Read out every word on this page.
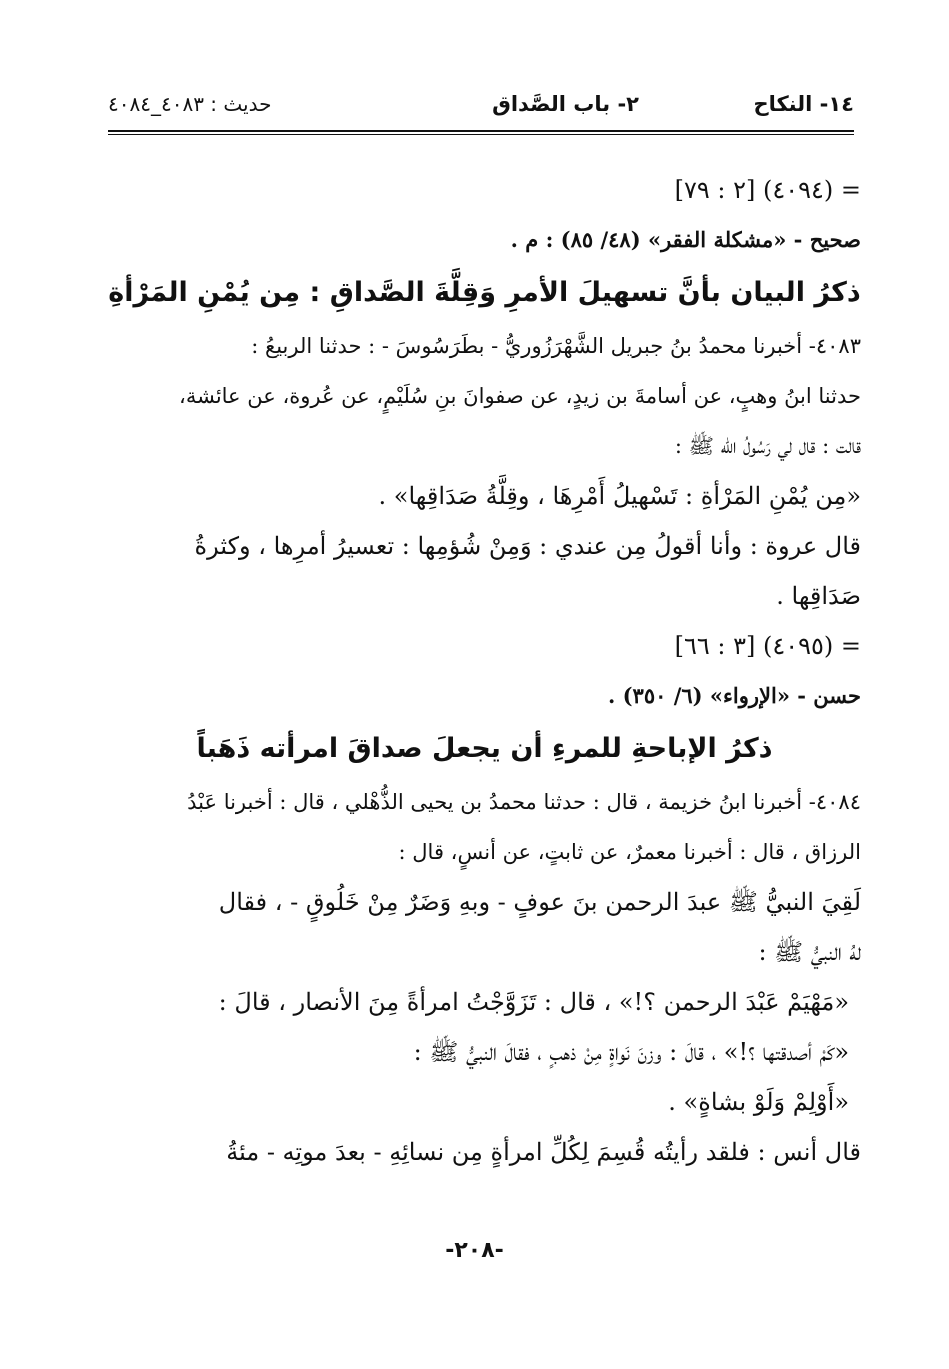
١٤- النكاح
٢- باب الصَّداق
حديث : ٤٠٨٣_٤٠٨٤
= (٤٠٩٤) [٢ : ٧٩]
صحيح - «مشكلة الفقر» (٤٨/ ٨٥) : م .
ذكرُ البيان بأنَّ تسهيلَ الأمرِ وَقِلَّةَ الصَّداقِ : مِن يُمْنِ المَرْأةِ
٤٠٨٣- أخبرنا محمدُ بنُ جبريل الشَّهْرَزُوريُّ - بطَرَسُوسَ - : حدثنا الربيعُ :
حدثنا ابنُ وهبٍ، عن أسامةَ بن زيدٍ، عن صفوانَ بنِ سُلَيْمٍ، عن عُروة، عن عائشة،
قالت : قال لي رَسُولُ اللّه ﷺ :
«مِن يُمْنِ المَرْأةِ : تَسْهيلُ أَمْرِهَا ، وقِلَّةُ صَدَاقِها» .
قال عروة : وأنا أقولُ مِن عندي : وَمِنْ شُؤمِها : تعسيرُ أمرِها ، وكثرةُ
صَدَاقِها .
= (٤٠٩٥) [٣ : ٦٦]
حسن - «الإرواء» (٦/ ٣٥٠) .
ذكرُ الإباحةِ للمرءِ أن يجعلَ صداقَ امرأته ذَهَباً
٤٠٨٤- أخبرنا ابنُ خزيمة ، قال : حدثنا محمدُ بن يحيى الذُّهْلي ، قال : أخبرنا عَبْدُ
الرزاق ، قال : أخبرنا معمرٌ، عن ثابتٍ، عن أنسٍ، قال :
لَقِيَ النبيُّ ﷺ عبدَ الرحمن بنَ عوفٍ - وبهِ وَضَرٌ مِنْ خَلُوقٍ - ، فقال
لهُ النبيُّ ﷺ :
«مَهْيَمْ عَبْدَ الرحمن ؟!» ، قال : تَزَوَّجْتُ امرأةً مِنَ الأنصار ، قالَ :
«كَمْ أصدقتها ؟!» ، قالَ : وزنَ نَواةٍ مِنْ ذهبٍ ، فقالَ النبيُّ ﷺ :
«أَوْلِمْ وَلَوْ بشاةٍ» .
قال أنس : فلقد رأيتُه قُسِمَ لِكُلِّ امرأةٍ مِن نسائِهِ - بعدَ موتِه - مئةُ
-٢٠٨-
